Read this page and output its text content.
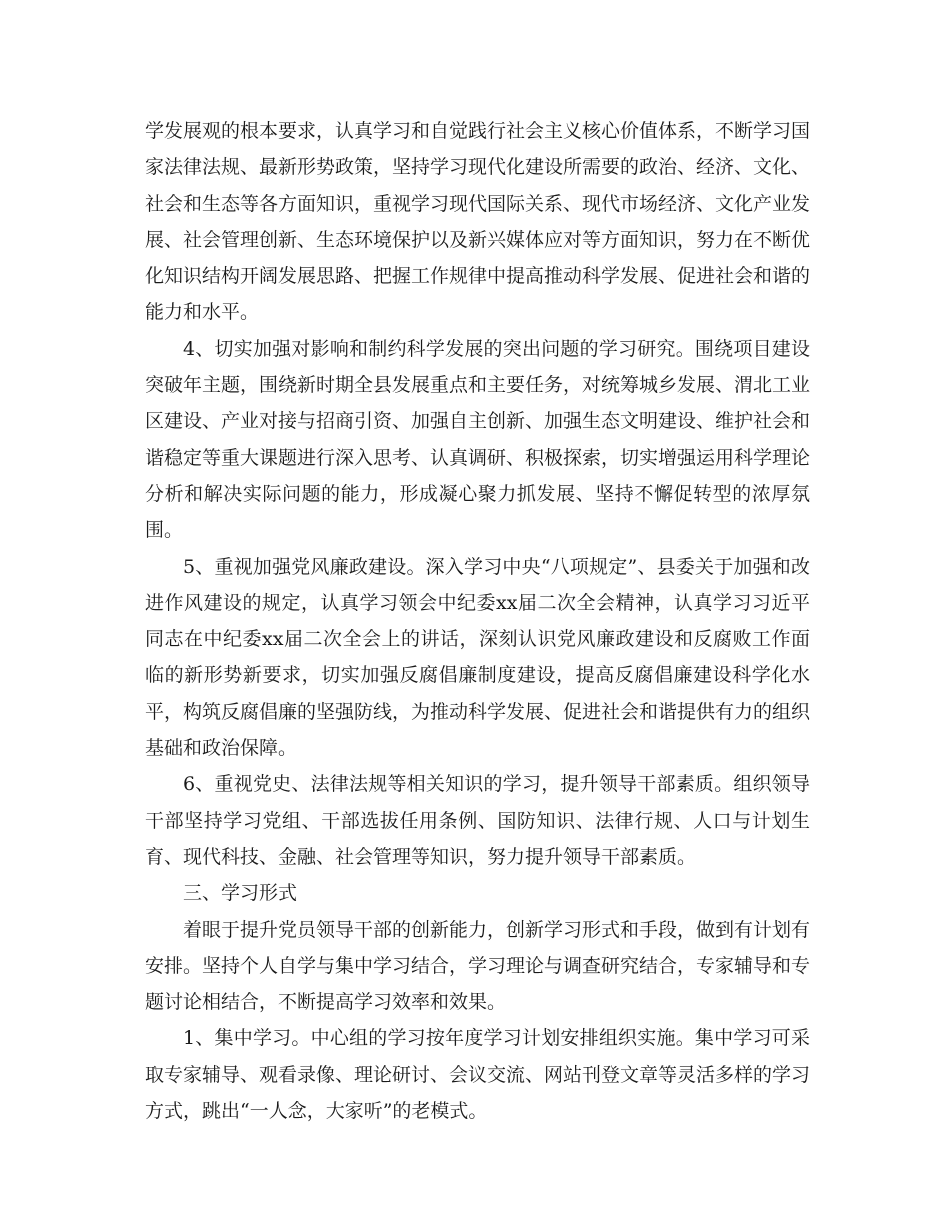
学发展观的根本要求，认真学习和自觉践行社会主义核心价值体系，不断学习国家法律法规、最新形势政策，坚持学习现代化建设所需要的政治、经济、文化、社会和生态等各方面知识，重视学习现代国际关系、现代市场经济、文化产业发展、社会管理创新、生态环境保护以及新兴媒体应对等方面知识，努力在不断优化知识结构开阔发展思路、把握工作规律中提高推动科学发展、促进社会和谐的能力和水平。

4、切实加强对影响和制约科学发展的突出问题的学习研究。围绕项目建设突破年主题，围绕新时期全县发展重点和主要任务，对统筹城乡发展、渭北工业区建设、产业对接与招商引资、加强自主创新、加强生态文明建设、维护社会和谐稳定等重大课题进行深入思考、认真调研、积极探索，切实增强运用科学理论分析和解决实际问题的能力，形成凝心聚力抓发展、坚持不懈促转型的浓厚氛围。

5、重视加强党风廉政建设。深入学习中央“八项规定”、县委关于加强和改进作风建设的规定，认真学习领会中纪委xx届二次全会精神，认真学习习近平同志在中纪委xx届二次全会上的讲话，深刻认识党风廉政建设和反腐败工作面临的新形势新要求，切实加强反腐倡廉制度建设，提高反腐倡廉建设科学化水平，构筑反腐倡廉的坚强防线，为推动科学发展、促进社会和谐提供有力的组织基础和政治保障。

6、重视党史、法律法规等相关知识的学习，提升领导干部素质。组织领导干部坚持学习党组、干部选拔任用条例、国防知识、法律行规、人口与计划生育、现代科技、金融、社会管理等知识，努力提升领导干部素质。

三、学习形式

着眼于提升党员领导干部的创新能力，创新学习形式和手段，做到有计划有安排。坚持个人自学与集中学习结合，学习理论与调查研究结合，专家辅导和专题讨论相结合，不断提高学习效率和效果。

1、集中学习。中心组的学习按年度学习计划安排组织实施。集中学习可采取专家辅导、观看录像、理论研讨、会议交流、网站刊登文章等灵活多样的学习方式，跳出“一人念，大家听”的老模式。
